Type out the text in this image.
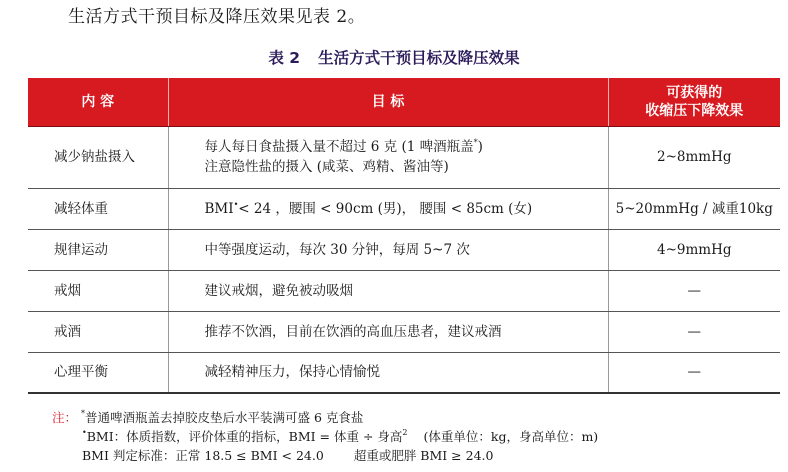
生活方式干预目标及降压效果见表 2。
表 2 生活方式干预目标及降压效果
内 容	目 标	可获得的
收缩压下降效果

减少钠盐摄入	每人每日食盐摄入量不超过 6 克 (1 啤酒瓶盖*)
注意隐性盐的摄入 (咸菜、鸡精、酱油等)	2~8mmHg
减轻体重	BMI•< 24 ，腰围 < 90cm (男)， 腰围 < 85cm (女)	5~20mmHg / 减重10kg
规律运动	中等强度运动，每次 30 分钟，每周 5~7 次	4~9mmHg
戒烟	建议戒烟，避免被动吸烟	—
戒酒	推荐不饮酒，目前在饮酒的高血压患者，建议戒酒	—
心理平衡	减轻精神压力，保持心情愉悦	—
注： *普通啤酒瓶盖去掉胶皮垫后水平装满可盛 6 克食盐
•BMI：体质指数，评价体重的指标，BMI = 体重 ÷ 身高$^2$ (体重单位：kg，身高单位：m)
BMI 判定标准：正常 18.5 ≤ BMI < 24.0 超重或肥胖 BMI ≥ 24.0
